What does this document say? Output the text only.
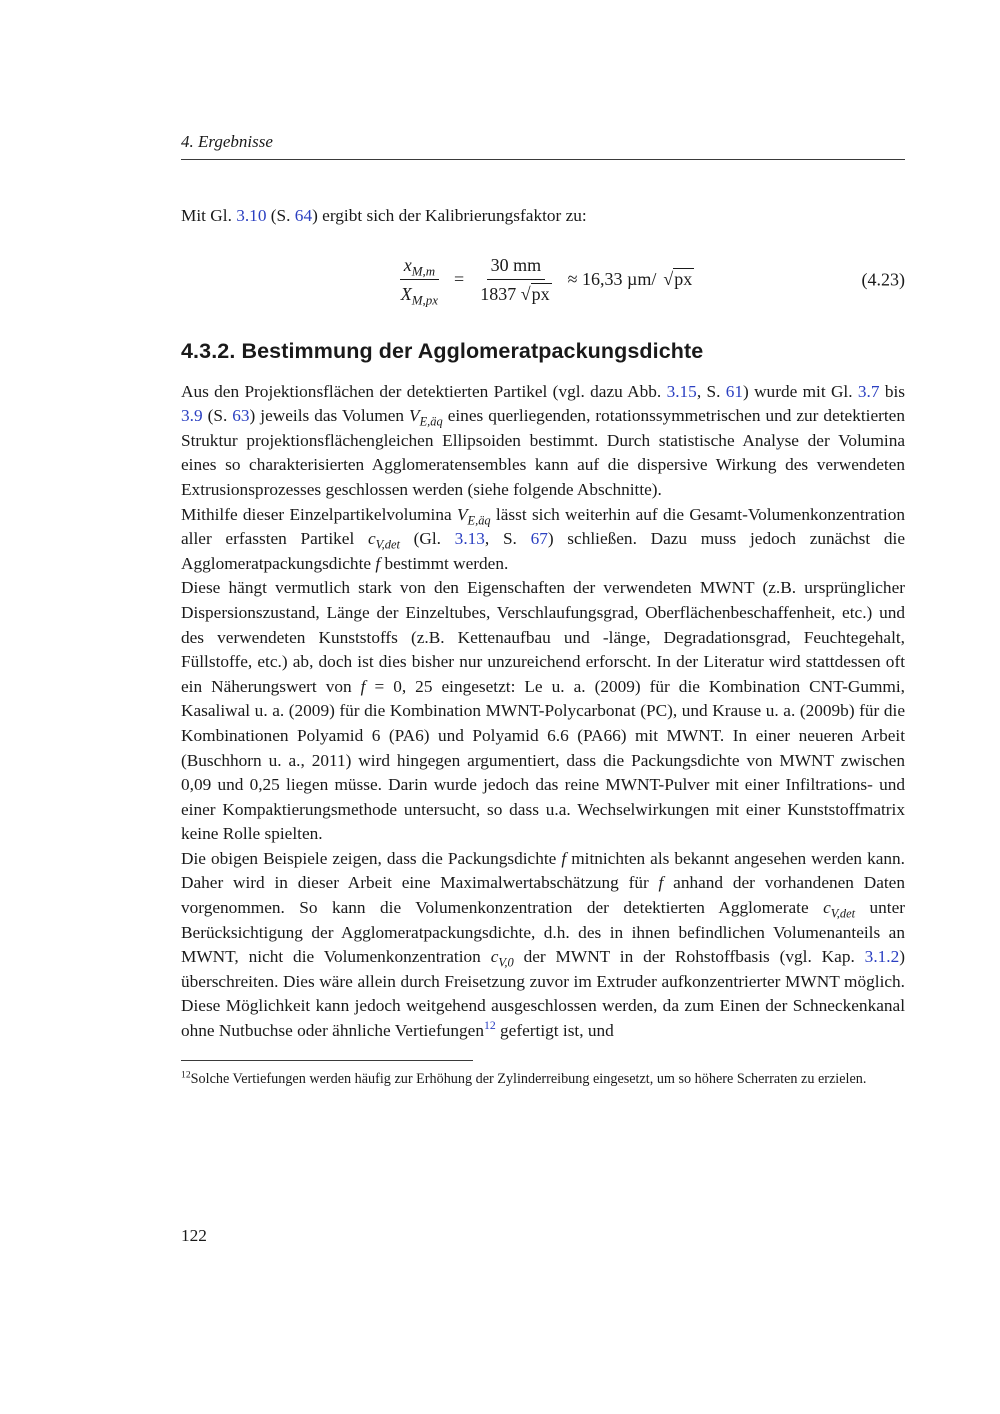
4. Ergebnisse

Mit Gl. 3.10 (S. 64) ergibt sich der Kalibrierungsfaktor zu:

$\frac{x_{M,m}}{X_{M,px}} = \frac{30 mm}{1837 √px} \approx 16,33$ µm/ √px	(4.23)
4.3.2. Bestimmung der Agglomeratpackungsdichte

Aus den Projektionsflächen der detektierten Partikel (vgl. dazu Abb. 3.15, S. 61) wurde mit Gl. 3.7 bis 3.9 (S. 63) jeweils das Volumen $V_{E,äq}$ eines querliegenden, rotationssymmetrischen und zur detektierten Struktur projektionsflächengleichen Ellipsoiden bestimmt. Durch statistische Analyse der Volumina eines so charakterisierten Agglomeratensembles kann auf die dispersive Wirkung des verwendeten Extrusionsprozesses geschlossen werden (siehe folgende Abschnitte).

Mithilfe dieser Einzelpartikelvolumina $V_{E,äq}$ lässt sich weiterhin auf die Gesamt-Volumenkonzentration aller erfassten Partikel $c_{V,det}$ (Gl. 3.13, S. 67) schließen. Dazu muss jedoch zunächst die Agglomeratpackungsdichte f bestimmt werden.

Diese hängt vermutlich stark von den Eigenschaften der verwendeten MWNT (z.B. ursprünglicher Dispersionszustand, Länge der Einzeltubes, Verschlaufungsgrad, Oberflächenbeschaffenheit, etc.) und des verwendeten Kunststoffs (z.B. Kettenaufbau und -länge, Degradationsgrad, Feuchtegehalt, Füllstoffe, etc.) ab, doch ist dies bisher nur unzureichend erforscht. In der Literatur wird stattdessen oft ein Näherungswert von f = 0, 25 eingesetzt: Le u. a. (2009) für die Kombination CNT-Gummi, Kasaliwal u. a. (2009) für die Kombination MWNT-Polycarbonat (PC), und Krause u. a. (2009b) für die Kombinationen Polyamid 6 (PA6) und Polyamid 6.6 (PA66) mit MWNT. In einer neueren Arbeit (Buschhorn u. a., 2011) wird hingegen argumentiert, dass die Packungsdichte von MWNT zwischen 0,09 und 0,25 liegen müsse. Darin wurde jedoch das reine MWNT-Pulver mit einer Infiltrations- und einer Kompaktierungsmethode untersucht, so dass u.a. Wechselwirkungen mit einer Kunststoffmatrix keine Rolle spielten.

Die obigen Beispiele zeigen, dass die Packungsdichte f mitnichten als bekannt angesehen werden kann. Daher wird in dieser Arbeit eine Maximalwertabschätzung für f anhand der vorhandenen Daten vorgenommen. So kann die Volumenkonzentration der detektierten Agglomerate $c_{V,det}$ unter Berücksichtigung der Agglomeratpackungsdichte, d.h. des in ihnen befindlichen Volumenanteils an MWNT, nicht die Volumenkonzentration $c_{V,0}$ der MWNT in der Rohstoffbasis (vgl. Kap. 3.1.2) überschreiten. Dies wäre allein durch Freisetzung zuvor im Extruder aufkonzentrierter MWNT möglich. Diese Möglichkeit kann jedoch weitgehend ausgeschlossen werden, da zum Einen der Schneckenkanal ohne Nutbuchse oder ähnliche Vertiefungen$^{12}$ gefertigt ist, und

$^{12}$Solche Vertiefungen werden häufig zur Erhöhung der Zylinderreibung eingesetzt, um so höhere Scherraten zu erzielen.

122
